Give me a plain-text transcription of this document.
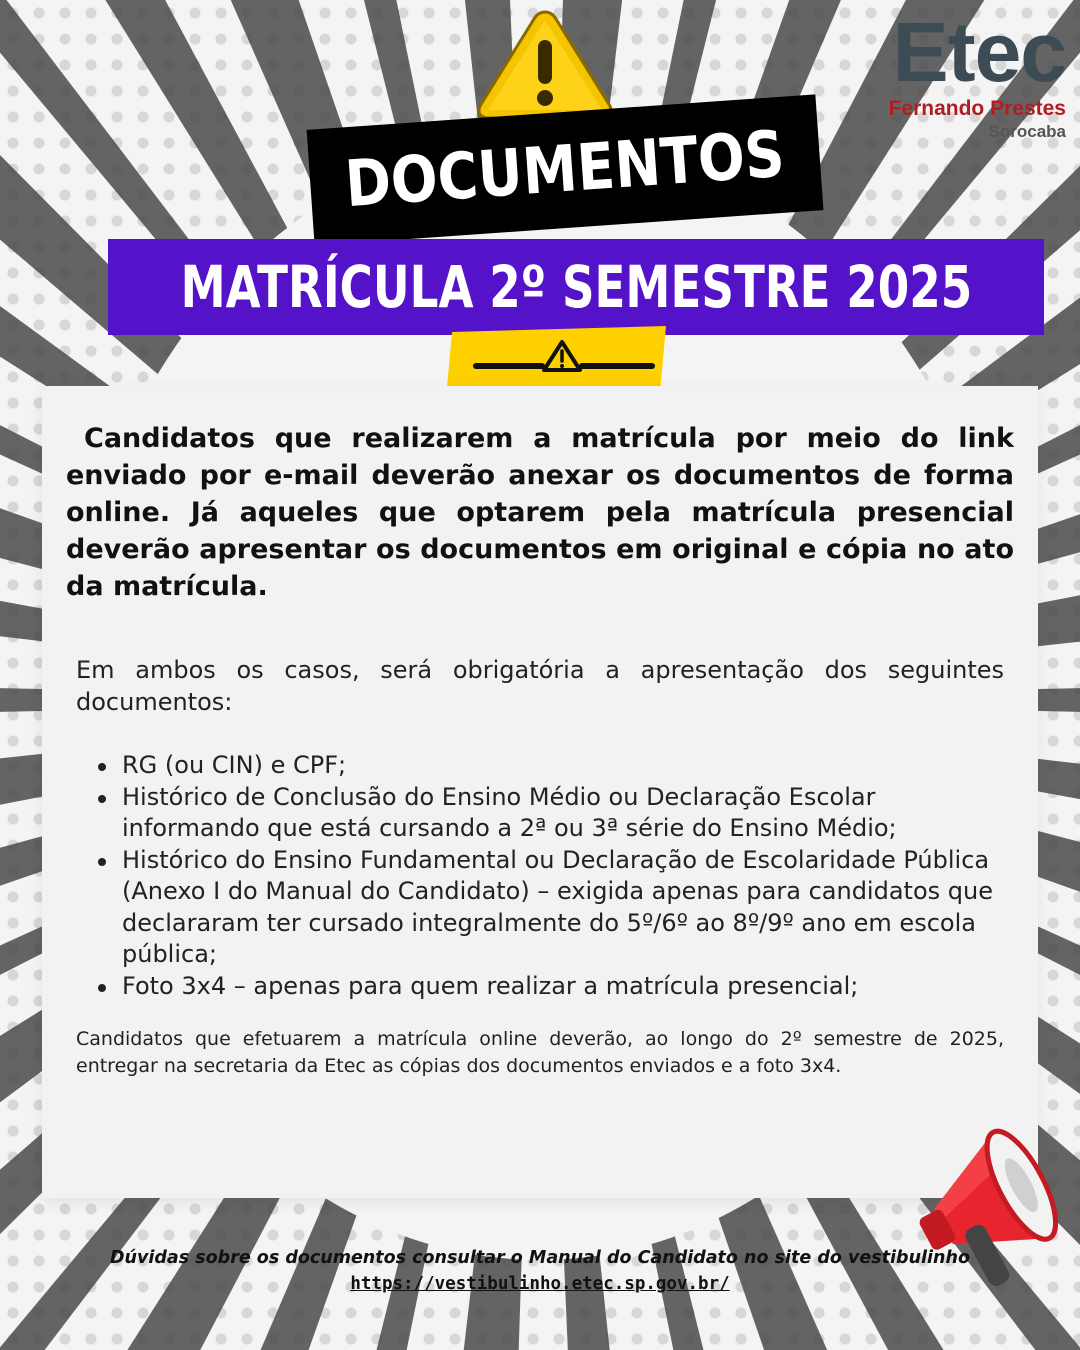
Etec
Fernando Prestes
Sorocaba
DOCUMENTOS
MATRÍCULA 2º SEMESTRE 2025

Candidatos que realizarem a matrícula por meio do link enviado por e-mail deverão anexar os documentos de forma online. Já aqueles que optarem pela matrícula presencial deverão apresentar os documentos em original e cópia no ato da matrícula.

Em ambos os casos, será obrigatória a apresentação dos seguintes documentos:

RG (ou CIN) e CPF;
Histórico de Conclusão do Ensino Médio ou Declaração Escolar informando que está cursando a 2ª ou 3ª série do Ensino Médio;
Histórico do Ensino Fundamental ou Declaração de Escolaridade Pública (Anexo I do Manual do Candidato) – exigida apenas para candidatos que declararam ter cursado integralmente do 5º/6º ao 8º/9º ano em escola pública;
Foto 3x4 – apenas para quem realizar a matrícula presencial;

Candidatos que efetuarem a matrícula online deverão, ao longo do 2º semestre de 2025, entregar na secretaria da Etec as cópias dos documentos enviados e a foto 3x4.

Dúvidas sobre os documentos consultar o Manual do Candidato no site do vestibulinho
https://vestibulinho.etec.sp.gov.br/
